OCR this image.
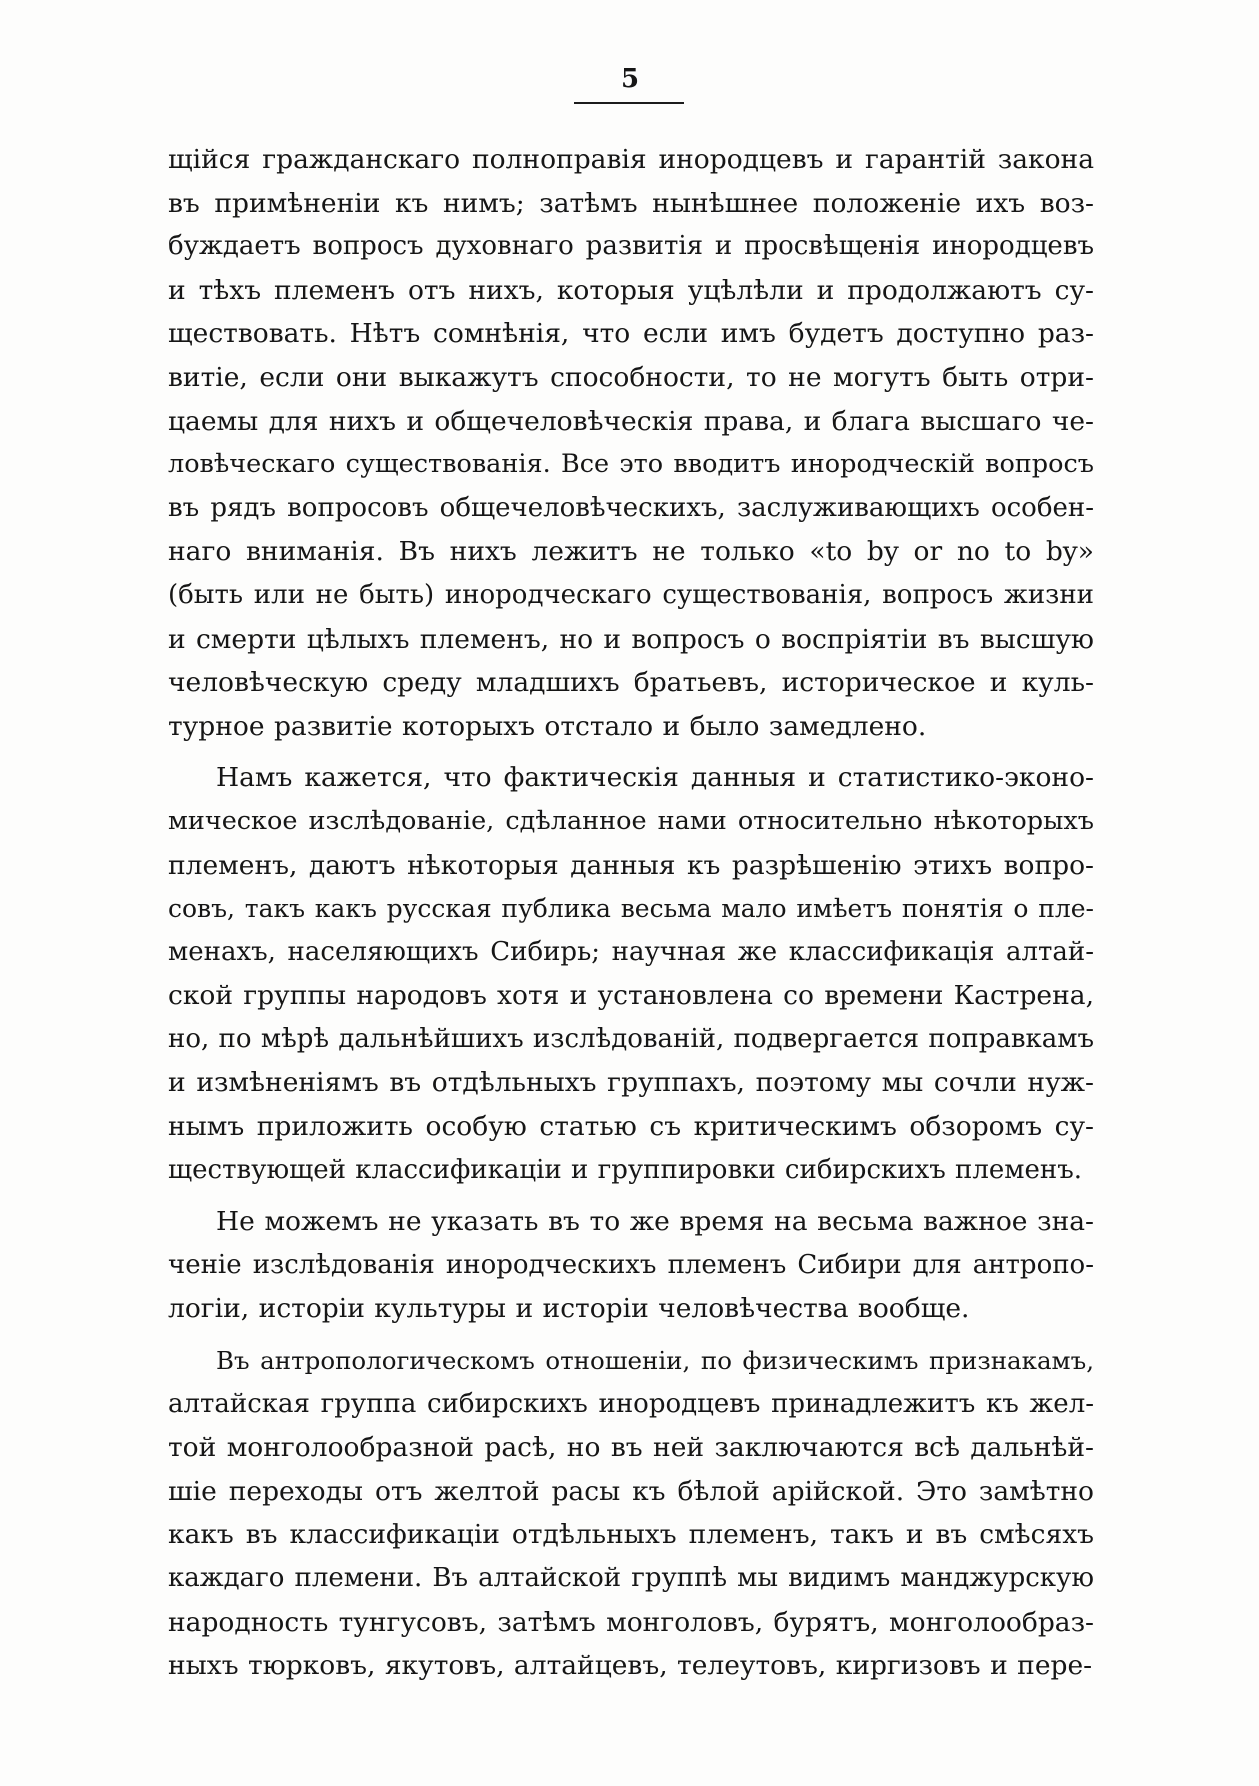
5
щійся гражданскаго полноправія инородцевъ и гарантій закона
въ примѣненіи къ нимъ; затѣмъ нынѣшнее положеніе ихъ воз-
буждаетъ вопросъ духовнаго развитія и просвѣщенія инородцевъ
и тѣхъ племенъ отъ нихъ, которыя уцѣлѣли и продолжаютъ су-
ществовать. Нѣтъ сомнѣнія, что если имъ будетъ доступно раз-
витіе, если они выкажутъ способности, то не могутъ быть отри-
цаемы для нихъ и общечеловѣческія права, и блага высшаго че-
ловѣческаго существованія. Все это вводитъ инородческій вопросъ
въ рядъ вопросовъ общечеловѣческихъ, заслуживающихъ особен-
наго вниманія. Въ нихъ лежитъ не только «to by or no to by»
(быть или не быть) инородческаго существованія, вопросъ жизни
и смерти цѣлыхъ племенъ, но и вопросъ о воспріятіи въ высшую
человѣческую среду младшихъ братьевъ, историческое и куль-
турное развитіе которыхъ отстало и было замедлено.
Намъ кажется, что фактическія данныя и статистико-эконо-
мическое изслѣдованіе, сдѣланное нами относительно нѣкоторыхъ
племенъ, даютъ нѣкоторыя данныя къ разрѣшенію этихъ вопро-
совъ, такъ какъ русская публика весьма мало имѣетъ понятія о пле-
менахъ, населяющихъ Сибирь; научная же классификація алтай-
ской группы народовъ хотя и установлена со времени Кастрена,
но, по мѣрѣ дальнѣйшихъ изслѣдованій, подвергается поправкамъ
и измѣненіямъ въ отдѣльныхъ группахъ, поэтому мы сочли нуж-
нымъ приложить особую статью съ критическимъ обзоромъ су-
ществующей классификаціи и группировки сибирскихъ племенъ.
Не можемъ не указать въ то же время на весьма важное зна-
ченіе изслѣдованія инородческихъ племенъ Сибири для антропо-
логіи, исторіи культуры и исторіи человѣчества вообще.
Въ антропологическомъ отношеніи, по физическимъ признакамъ,
алтайская группа сибирскихъ инородцевъ принадлежитъ къ жел-
той монголообразной расѣ, но въ ней заключаются всѣ дальнѣй-
шіе переходы отъ желтой расы къ бѣлой арійской. Это замѣтно
какъ въ классификаціи отдѣльныхъ племенъ, такъ и въ смѣсяхъ
каждаго племени. Въ алтайской группѣ мы видимъ манджурскую
народность тунгусовъ, затѣмъ монголовъ, бурятъ, монголообраз-
ныхъ тюрковъ, якутовъ, алтайцевъ, телеутовъ, киргизовъ и пере-
